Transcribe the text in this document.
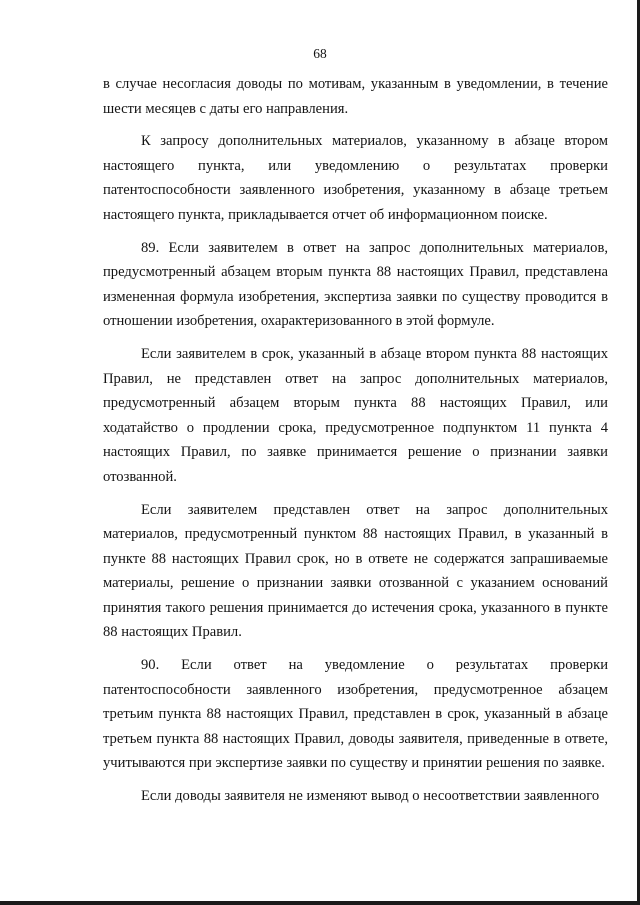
68

в случае несогласия доводы по мотивам, указанным в уведомлении, в течение шести месяцев с даты его направления.

К запросу дополнительных материалов, указанному в абзаце втором настоящего пункта, или уведомлению о результатах проверки патентоспособности заявленного изобретения, указанному в абзаце третьем настоящего пункта, прикладывается отчет об информационном поиске.

89. Если заявителем в ответ на запрос дополнительных материалов, предусмотренный абзацем вторым пункта 88 настоящих Правил, представлена измененная формула изобретения, экспертиза заявки по существу проводится в отношении изобретения, охарактеризованного в этой формуле.

Если заявителем в срок, указанный в абзаце втором пункта 88 настоящих Правил, не представлен ответ на запрос дополнительных материалов, предусмотренный абзацем вторым пункта 88 настоящих Правил, или ходатайство о продлении срока, предусмотренное подпунктом 11 пункта 4 настоящих Правил, по заявке принимается решение о признании заявки отозванной.

Если заявителем представлен ответ на запрос дополнительных материалов, предусмотренный пунктом 88 настоящих Правил, в указанный в пункте 88 настоящих Правил срок, но в ответе не содержатся запрашиваемые материалы, решение о признании заявки отозванной с указанием оснований принятия такого решения принимается до истечения срока, указанного в пункте 88 настоящих Правил.

90. Если ответ на уведомление о результатах проверки патентоспособности заявленного изобретения, предусмотренное абзацем третьим пункта 88 настоящих Правил, представлен в срок, указанный в абзаце третьем пункта 88 настоящих Правил, доводы заявителя, приведенные в ответе, учитываются при экспертизе заявки по существу и принятии решения по заявке.

Если доводы заявителя не изменяют вывод о несоответствии заявленного
